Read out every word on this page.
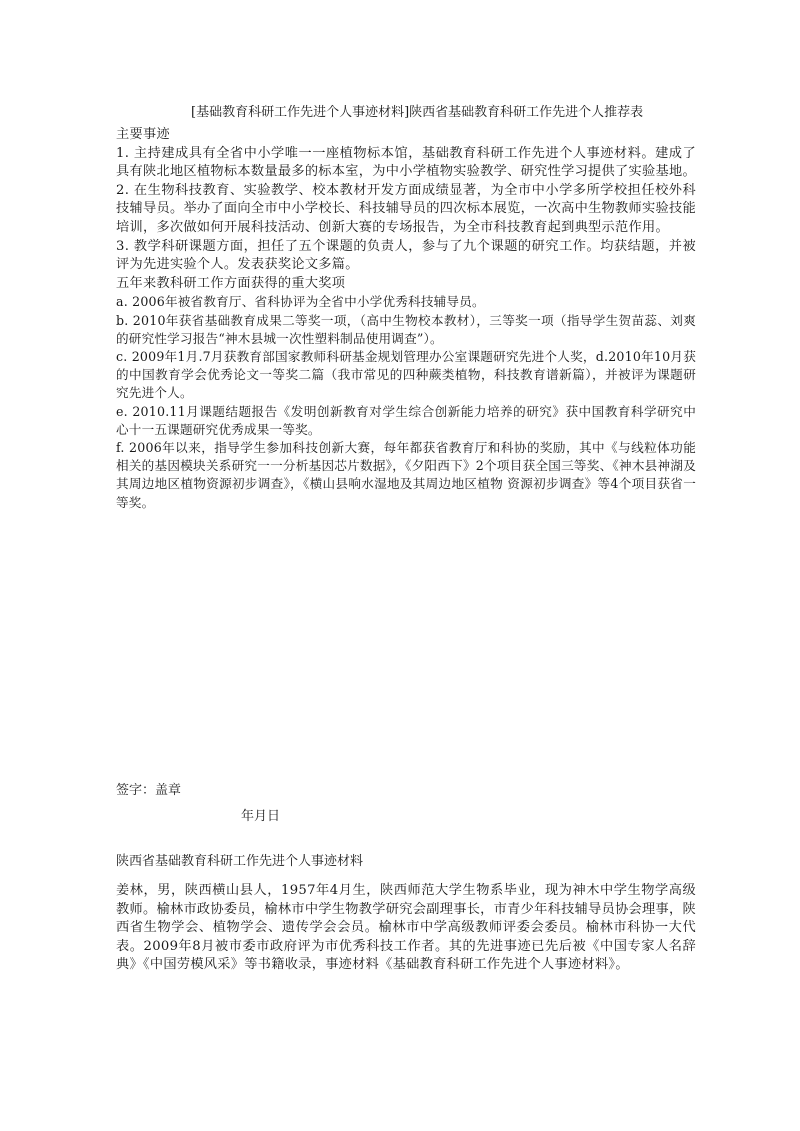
[基础教育科研工作先进个人事迹材料]陕西省基础教育科研工作先进个人推荐表

主要事迹

1. 主持建成具有全省中小学唯一一座植物标本馆，基础教育科研工作先进个人事迹材料。建成了具有陕北地区植物标本数量最多的标本室，为中小学植物实验教学、研究性学习提供了实验基地。

2. 在生物科技教育、实验教学、校本教材开发方面成绩显著，为全市中小学多所学校担任校外科技辅导员。举办了面向全市中小学校长、科技辅导员的四次标本展览，一次高中生物教师实验技能培训，多次做如何开展科技活动、创新大赛的专场报告，为全市科技教育起到典型示范作用。

3. 教学科研课题方面，担任了五个课题的负责人，参与了九个课题的研究工作。均获结题，并被评为先进实验个人。发表获奖论文多篇。

五年来教科研工作方面获得的重大奖项

a. 2006年被省教育厅、省科协评为全省中小学优秀科技辅导员。

b. 2010年获省基础教育成果二等奖一项，（高中生物校本教材），三等奖一项（指导学生贺苗蕊、刘爽的研究性学习报告“神木县城一次性塑料制品使用调查”）。

c. 2009年1月.7月获教育部国家教师科研基金规划管理办公室课题研究先进个人奖，d.2010年10月获的中国教育学会优秀论文一等奖二篇（我市常见的四种蕨类植物，科技教育谱新篇），并被评为课题研究先进个人。

e. 2010.11月课题结题报告《发明创新教育对学生综合创新能力培养的研究》获中国教育科学研究中心十一五课题研究优秀成果一等奖。

f. 2006年以来，指导学生参加科技创新大赛，每年都获省教育厅和科协的奖励，其中《与线粒体功能相关的基因模块关系研究一一分析基因芯片数据》，《夕阳西下》2个项目获全国三等奖、《神木县神湖及其周边地区植物资源初步调查》，《横山县响水湿地及其周边地区植物 资源初步调查》等4个项目获省一等奖。

签字：盖章
年月日
陕西省基础教育科研工作先进个人事迹材料

姜林，男，陕西横山县人，1957年4月生，陕西师范大学生物系毕业，现为神木中学生物学高级教师。榆林市政协委员，榆林市中学生物教学研究会副理事长，市青少年科技辅导员协会理事，陕西省生物学会、植物学会、遗传学会会员。榆林市中学高级教师评委会委员。榆林市科协一大代表。2009年8月被市委市政府评为市优秀科技工作者。其的先进事迹已先后被《中国专家人名辞典》《中国劳模风采》等书籍收录，事迹材料《基础教育科研工作先进个人事迹材料》。
